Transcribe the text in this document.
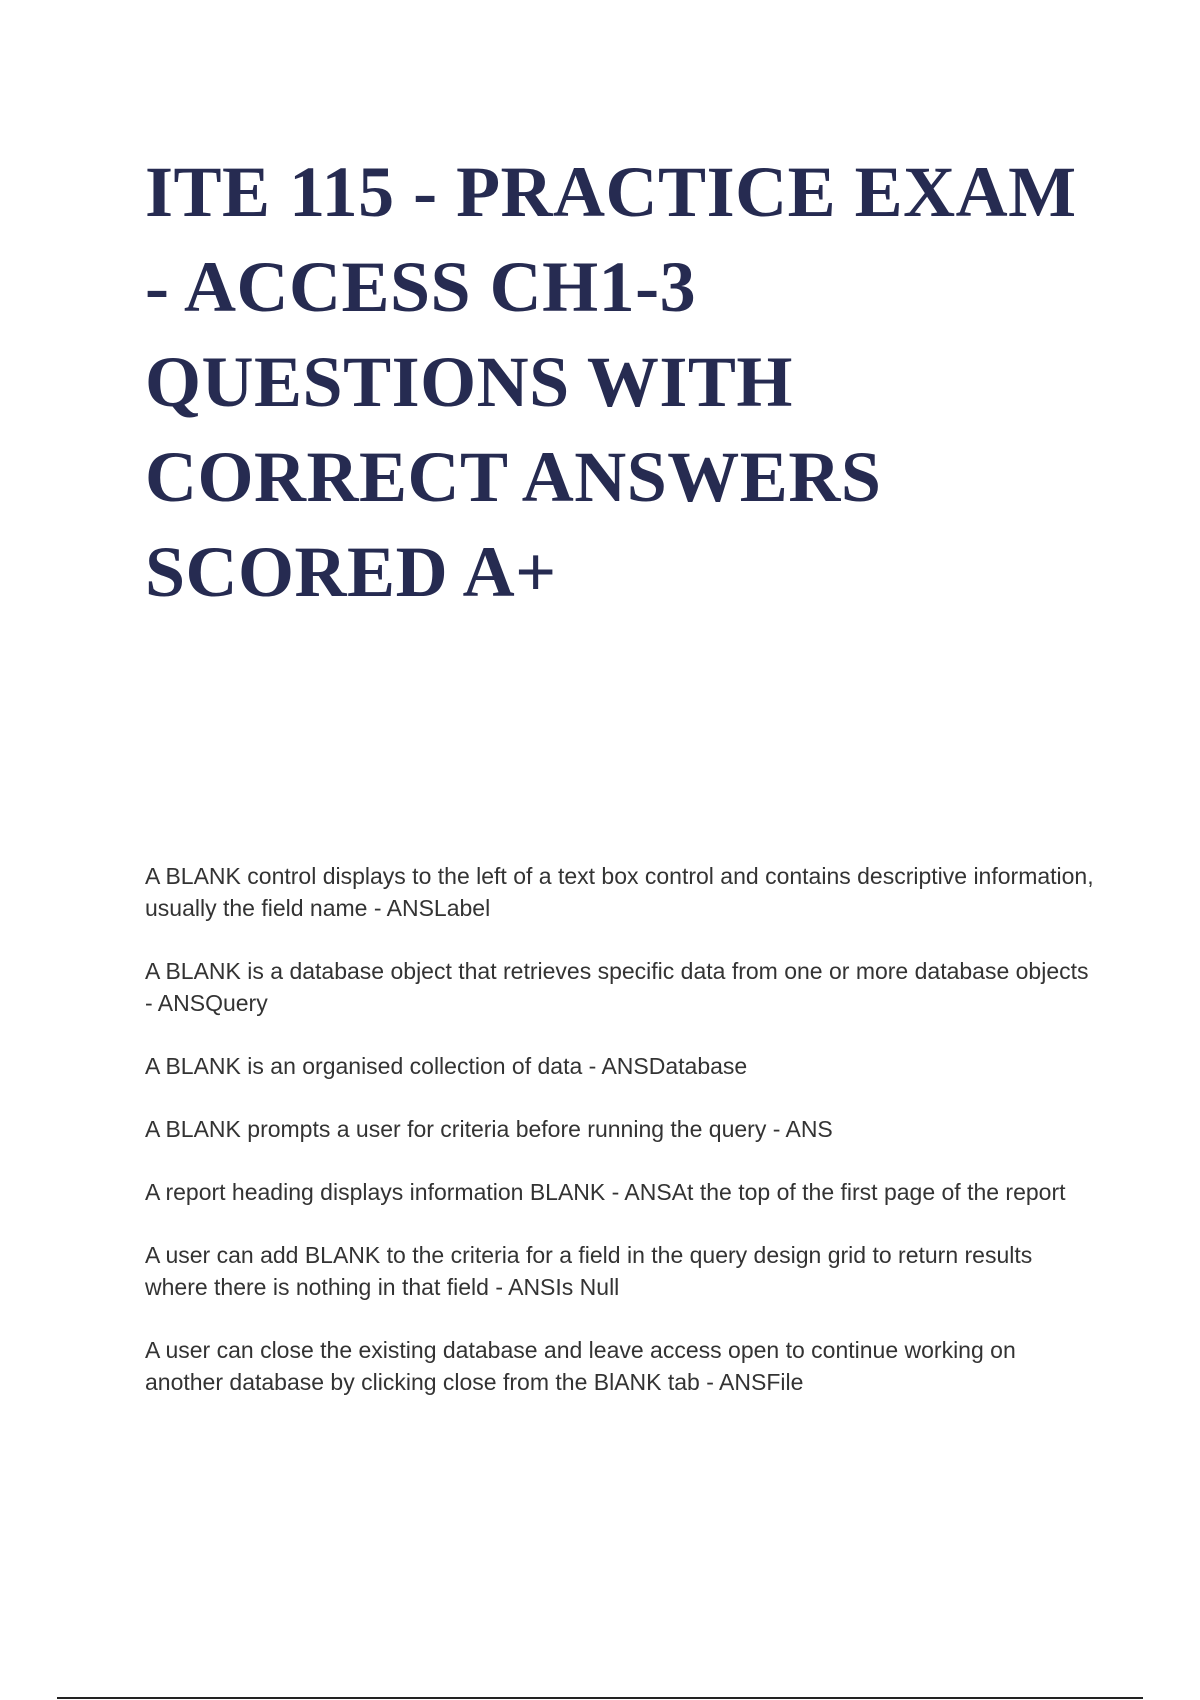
ITE 115 - PRACTICE EXAM - ACCESS CH1-3 QUESTIONS WITH CORRECT ANSWERS SCORED A+
A BLANK control displays to the left of a text box control and contains descriptive information, usually the field name - ANSLabel
A BLANK is a database object that retrieves specific data from one or more database objects - ANSQuery
A BLANK is an organised collection of data - ANSDatabase
A BLANK prompts a user for criteria before running the query - ANS
A report heading displays information BLANK - ANSAt the top of the first page of the report
A user can add BLANK to the criteria for a field in the query design grid to return results where there is nothing in that field - ANSIs Null
A user can close the existing database and leave access open to continue working on another database by clicking close from the BlANK tab - ANSFile
